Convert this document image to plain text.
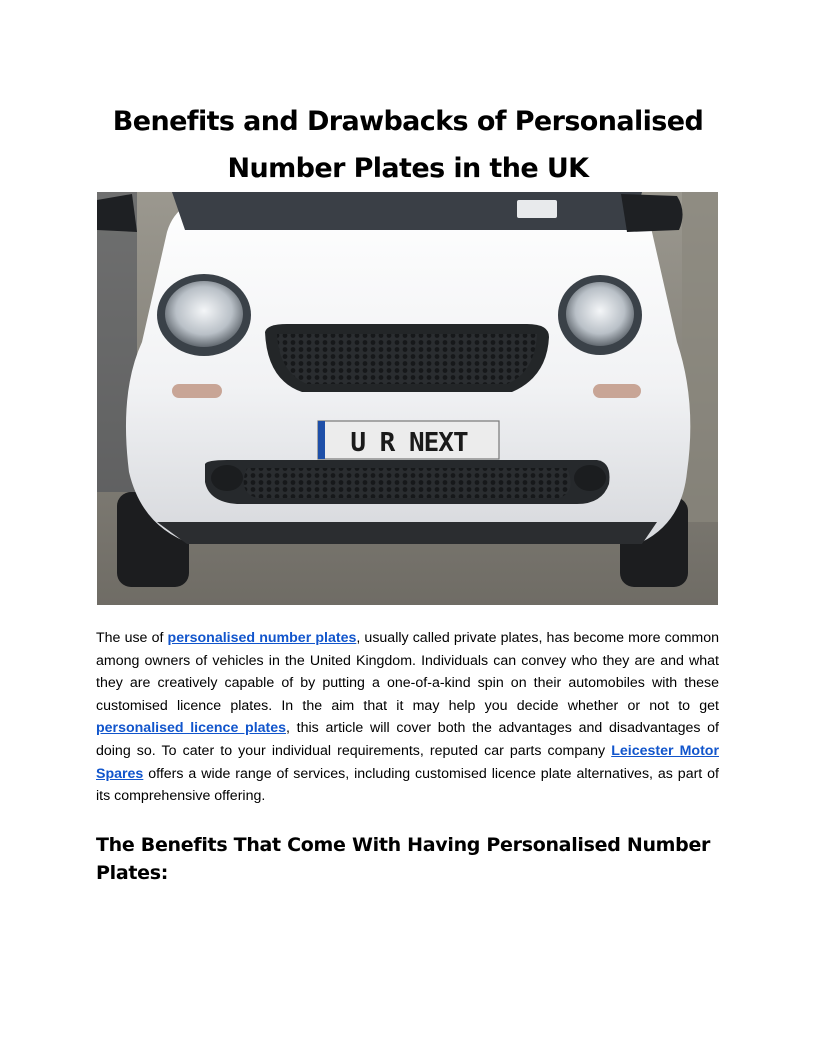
Benefits and Drawbacks of Personalised
Number Plates in the UK
U R NEXT

The use of personalised number plates, usually called private plates, has become more common among owners of vehicles in the United Kingdom. Individuals can convey who they are and what they are creatively capable of by putting a one-of-a-kind spin on their automobiles with these customised licence plates. In the aim that it may help you decide whether or not to get personalised licence plates, this article will cover both the advantages and disadvantages of doing so. To cater to your individual requirements, reputed car parts company Leicester Motor Spares offers a wide range of services, including customised licence plate alternatives, as part of its comprehensive offering.

The Benefits That Come With Having Personalised Number Plates:
